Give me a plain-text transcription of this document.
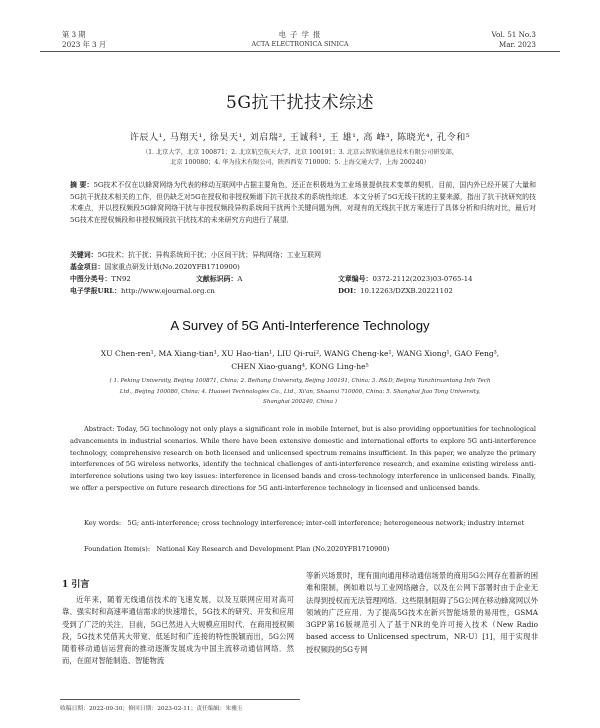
第 3 期
2023 年 3 月
电 子 学 报
ACTA ELECTRONICA SINICA
Vol. 51 No.3
Mar. 2023
5G抗干扰技术综述
许辰人¹, 马翔天¹, 徐昊天¹, 刘启瑞², 王诚科¹, 王 雄¹, 高 峰³, 陈晓光⁴, 孔令和⁵
（1. 北京大学，北京 100871；2. 北京航空航天大学，北京 100191；3. 北京云智软通信息技术有限公司研发部，
北京 100080；4. 华为技术有限公司，陕西西安 710000；5. 上海交通大学，上海 200240）
摘 要：5G技术不仅在以蜂窝网络为代表的移动互联网中占据主要角色，还正在积极地为工业场景提供技术变革的契机．目前，国内外已经开展了大量和5G抗干扰技术相关的工作，但仍缺乏对5G在授权和非授权频谱下抗干扰技术的系统性综述．本文分析了5G无线干扰的主要来源，指出了抗干扰研究的技术难点，并以授权频段5G蜂窝网络干扰与非授权频段异构系统间干扰两个关键问题为例，对现有的无线抗干扰方案进行了具体分析和归纳对比，最后对5G技术在授权频段和非授权频段抗干扰技术的未来研究方向进行了展望．
关键词：5G技术；抗干扰；异构系统间干扰；小区间干扰；异构网络；工业互联网
基金项目：国家重点研发计划(No.2020YFB1710900)
中图分类号：TN92	文献标识码：A	文章编号：0372-2112(2023)03-0765-14
电子学报URL：http://www.ejournal.org.cn	DOI：10.12263/DZXB.20221102
A Survey of 5G Anti-Interference Technology
XU Chen-ren¹, MA Xiang-tian¹, XU Hao-tian¹, LIU Qi-rui², WANG Cheng-ke¹, WANG Xiong¹, GAO Feng³,
CHEN Xiao-guang⁴, KONG Ling-he⁵
( 1. Peking University, Beijing 100871, China; 2. Beihang University, Beijing 100191, China; 3. R&D, Beijing Yunzhiruantong Info Tech
Ltd., Beijing 100080, China; 4. Huawei Technologies Co., Ltd., Xi'an, Shaanxi 710000, China; 5. Shanghai Jiao Tong University,
Shanghai 200240, China )
Abstract: Today, 5G technology not only plays a significant role in mobile Internet, but is also providing opportunities for technological advancements in industrial scenarios. While there have been extensive domestic and international efforts to explore 5G anti-interference technology, comprehensive research on both licensed and unlicensed spectrum remains insufficient. In this paper, we analyze the primary interferences of 5G wireless networks, identify the technical challenges of anti-interference research, and examine existing wireless anti-interference solutions using two key issues: interference in licensed bands and cross-technology interference in unlicensed bands. Finally, we offer a perspective on future research directions for 5G anti-interference technology in licensed and unlicensed bands.
Key words: 5G; anti-interference; cross technology interference; inter-cell interference; heterogeneous network; industry internet
Foundation Item(s): National Key Research and Development Plan (No.2020YFB1710900)
1 引言
近年来，随着无线通信技术的飞速发展，以及互联网应用对高可靠、强实时和高速率通信需求的快速增长，5G技术的研究、开发和应用受到了广泛的关注．目前，5G已然进入大规模应用时代．在商用授权频段，5G技术凭借其大带宽、低延时和广连接的特性脱颖而出，5G公网随着移动通信运营商的推动逐渐发展成为中国主流移动通信网络．然而，在面对智能制造、智能物流
等新兴场景时，现有面向通用移动通信场景的商用5G公网存在着新的困难和限制，例如难以与工业网络融合，以及在公网下部署时由于企业无法得到授权而无法管理网络．这些限制阻碍了5G公网在移动蜂窝网以外领域的广泛应用．为了提高5G技术在新兴智能场景的易用性，GSMA 3GPP第16版规范引入了基于NR的免许可接入技术（New Radio based access to Unlicensed spectrum，NR-U）[1]，用于实现非授权频段的5G专网
收稿日期：2022-09-30；修回日期：2023-02-11；责任编辑：朱雅玉
